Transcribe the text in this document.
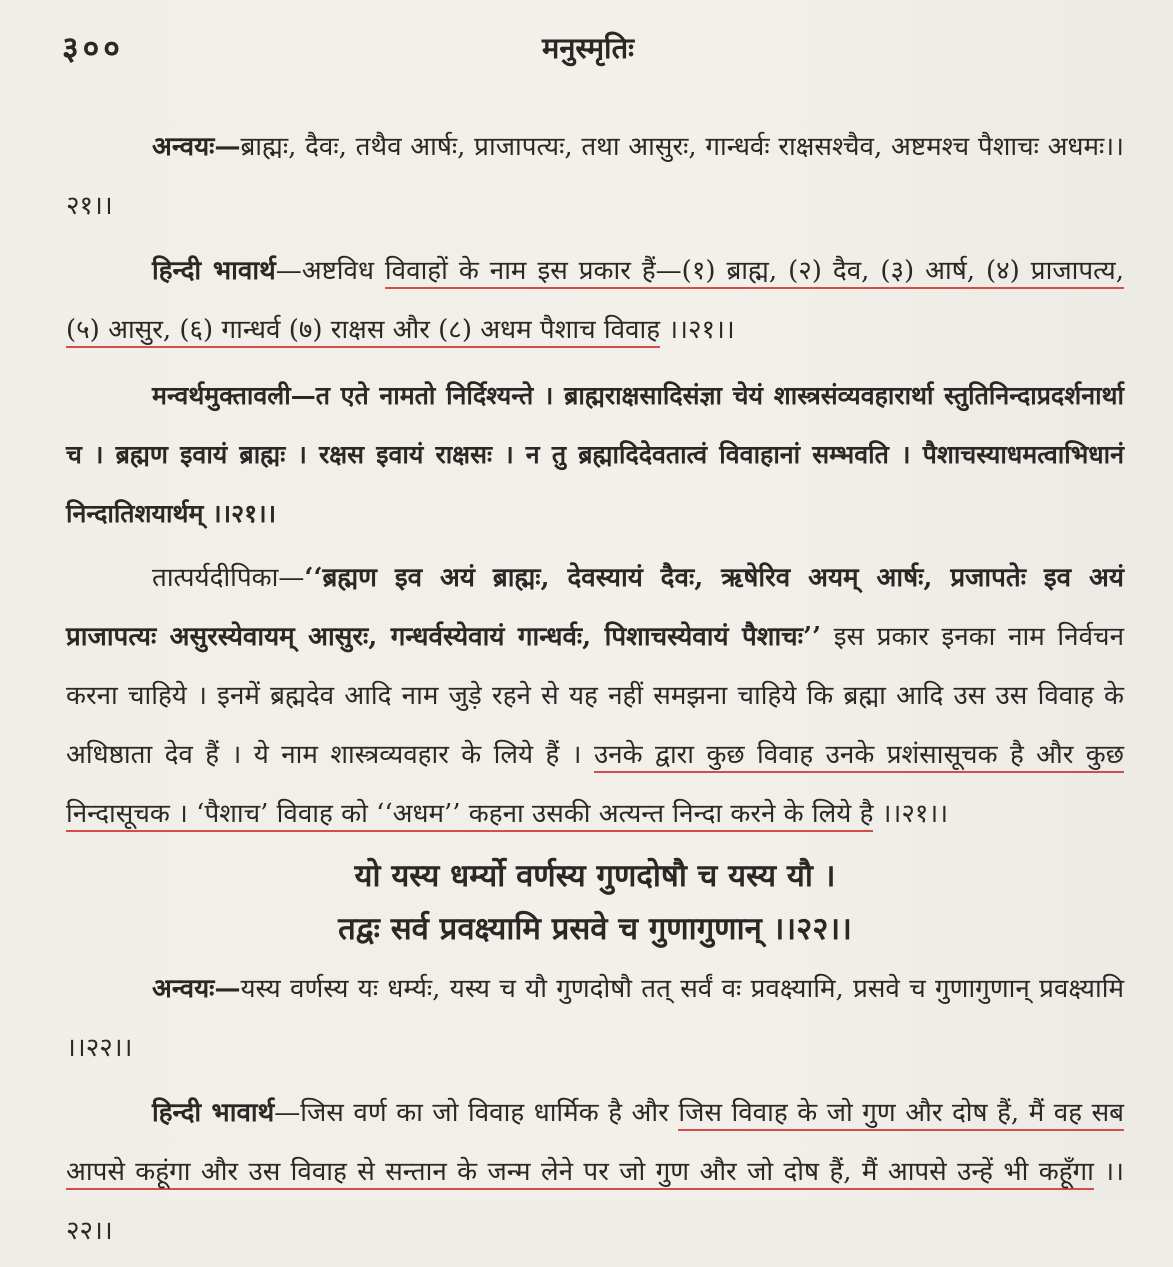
३००	मनुस्मृतिः

अन्वयः—ब्राह्मः, दैवः, तथैव आर्षः, प्राजापत्यः, तथा आसुरः, गान्धर्वः राक्षसश्चैव, अष्टमश्च पैशाचः अधमः।।२१।।

हिन्दी भावार्थ—अष्टविध विवाहों के नाम इस प्रकार हैं—(१) ब्राह्म, (२) दैव, (३) आर्ष, (४) प्राजापत्य, (५) आसुर, (६) गान्धर्व (७) राक्षस और (८) अधम पैशाच विवाह ।।२१।।

मन्वर्थमुक्तावली—त एते नामतो निर्दिश्यन्ते । ब्राह्मराक्षसादिसंज्ञा चेयं शास्त्रसंव्यवहारार्था स्तुतिनिन्दाप्रदर्शनार्था च । ब्रह्मण इवायं ब्राह्मः । रक्षस इवायं राक्षसः । न तु ब्रह्मादिदेवतात्वं विवाहानां सम्भवति । पैशाचस्याधमत्वाभिधानं निन्दातिशयार्थम् ।।२१।।

तात्पर्यदीपिका—‘‘ब्रह्मण इव अयं ब्राह्मः, देवस्यायं दैवः, ऋषेरिव अयम् आर्षः, प्रजापतेः इव अयं प्राजापत्यः असुरस्येवायम् आसुरः, गन्धर्वस्येवायं गान्धर्वः, पिशाचस्येवायं पैशाचः’’ इस प्रकार इनका नाम निर्वचन करना चाहिये । इनमें ब्रह्मदेव आदि नाम जुड़े रहने से यह नहीं समझना चाहिये कि ब्रह्मा आदि उस उस विवाह के अधिष्ठाता देव हैं । ये नाम शास्त्रव्यवहार के लिये हैं । उनके द्वारा कुछ विवाह उनके प्रशंसासूचक है और कुछ निन्दासूचक । ‘पैशाच’ विवाह को ‘‘अधम’’ कहना उसकी अत्यन्त निन्दा करने के लिये है ।।२१।।

यो यस्य धर्म्यो वर्णस्य गुणदोषौ च यस्य यौ ।
तद्वः सर्व प्रवक्ष्यामि प्रसवे च गुणागुणान् ।।२२।।

अन्वयः—यस्य वर्णस्य यः धर्म्यः, यस्य च यौ गुणदोषौ तत् सर्वं वः प्रवक्ष्यामि, प्रसवे च गुणागुणान् प्रवक्ष्यामि ।।२२।।

हिन्दी भावार्थ—जिस वर्ण का जो विवाह धार्मिक है और जिस विवाह के जो गुण और दोष हैं, मैं वह सब आपसे कहूंगा और उस विवाह से सन्तान के जन्म लेने पर जो गुण और जो दोष हैं, मैं आपसे उन्हें भी कहूँगा ।।२२।।
